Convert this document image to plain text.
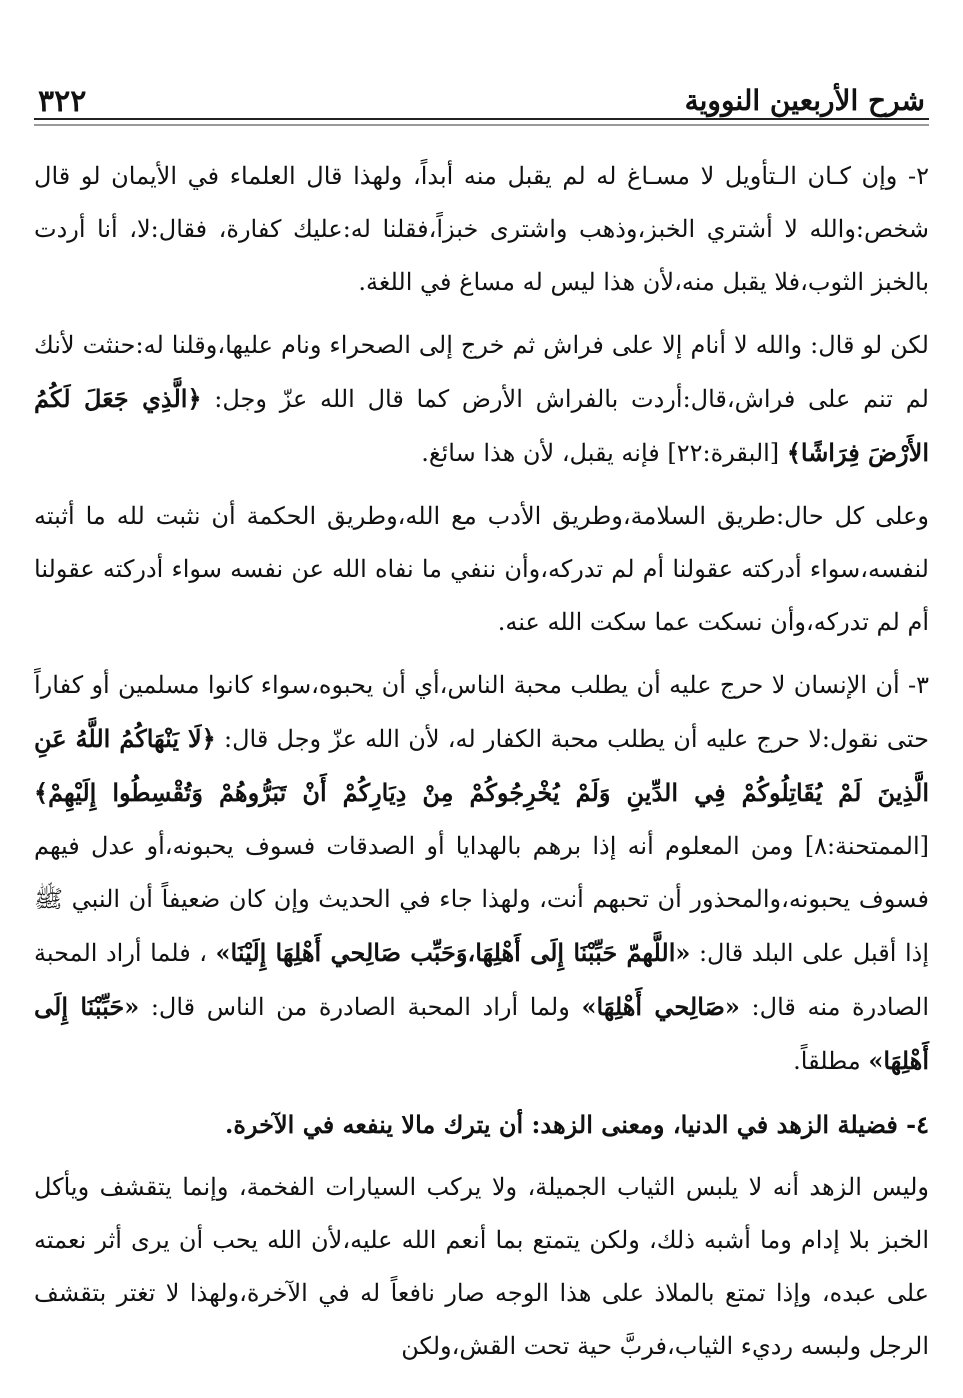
٣٢٢	شرح الأربعين النووية

٢- وإن كـان الـتأويل لا مسـاغ له لم يقبل منه أبداً، ولهذا قال العلماء في الأيمان لو قال شخص:والله لا أشتري الخبز،وذهب واشترى خبزاً،فقلنا له:عليك كفارة، فقال:لا، أنا أردت بالخبز الثوب،فلا يقبل منه،لأن هذا ليس له مساغ في اللغة.

لكن لو قال: والله لا أنام إلا على فراش ثم خرج إلى الصحراء ونام عليها،وقلنا له:حنثت لأنك لم تنم على فراش،قال:أردت بالفراش الأرض كما قال الله عزّ وجل: ﴿الَّذِي جَعَلَ لَكُمُ الأَرْضَ فِرَاشًا﴾ [البقرة:٢٢] فإنه يقبل، لأن هذا سائغ.

وعلى كل حال:طريق السلامة،وطريق الأدب مع الله،وطريق الحكمة أن نثبت لله ما أثبته لنفسه،سواء أدركته عقولنا أم لم تدركه،وأن ننفي ما نفاه الله عن نفسه سواء أدركته عقولنا أم لم تدركه،وأن نسكت عما سكت الله عنه.

٣- أن الإنسان لا حرج عليه أن يطلب محبة الناس،أي أن يحبوه،سواء كانوا مسلمين أو كفاراً حتى نقول:لا حرج عليه أن يطلب محبة الكفار له، لأن الله عزّ وجل قال: ﴿لَا يَنْهَاكُمُ اللَّهُ عَنِ الَّذِينَ لَمْ يُقَاتِلُوكُمْ فِي الدِّينِ وَلَمْ يُخْرِجُوكُمْ مِنْ دِيَارِكُمْ أَنْ تَبَرُّوهُمْ وَتُقْسِطُوا إِلَيْهِمْ﴾ [الممتحنة:٨] ومن المعلوم أنه إذا برهم بالهدايا أو الصدقات فسوف يحبونه،أو عدل فيهم فسوف يحبونه،والمحذور أن تحبهم أنت، ولهذا جاء في الحديث وإن كان ضعيفاً أن النبي ﷺ إذا أقبل على البلد قال: «اللَّهمّ حَبِّبْنَا إِلَى أَهْلِهَا،وَحَبِّب صَالِحي أَهْلِهَا إِلَيْنَا» ، فلما أراد المحبة الصادرة منه قال: «صَالِحي أَهْلِهَا» ولما أراد المحبة الصادرة من الناس قال: «حَبِّبْنَا إِلَى أَهْلِهَا» مطلقاً.

٤- فضيلة الزهد في الدنيا، ومعنى الزهد: أن يترك مالا ينفعه في الآخرة.

وليس الزهد أنه لا يلبس الثياب الجميلة، ولا يركب السيارات الفخمة، وإنما يتقشف ويأكل الخبز بلا إدام وما أشبه ذلك، ولكن يتمتع بما أنعم الله عليه،لأن الله يحب أن يرى أثر نعمته على عبده، وإذا تمتع بالملاذ على هذا الوجه صار نافعاً له في الآخرة،ولهذا لا تغتر بتقشف الرجل ولبسه رديء الثياب،فربَّ حية تحت القش،ولكن
